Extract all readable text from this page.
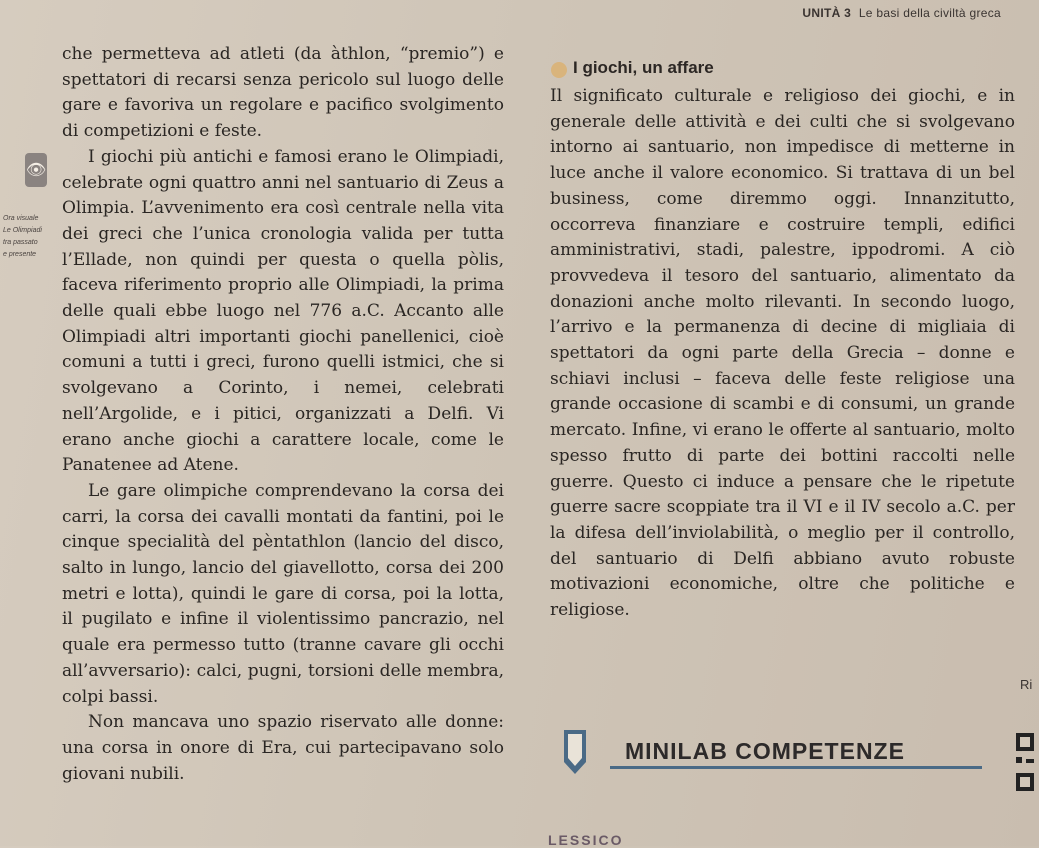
UNITÀ 3 Le basi della civiltà greca
👁
Ora visuale
Le Olimpiadi
tra passato
e presente

che permetteva ad atleti (da àthlon, “premio”) e spettatori di recarsi senza pericolo sul luogo delle gare e favoriva un regolare e pacifico svolgimento di competizioni e feste.

I giochi più antichi e famosi erano le Olimpiadi, celebrate ogni quattro anni nel santuario di Zeus a Olimpia. L’avvenimento era così centrale nella vita dei greci che l’unica cronologia valida per tutta l’Ellade, non quindi per questa o quella pòlis, faceva riferimento proprio alle Olimpiadi, la prima delle quali ebbe luogo nel 776 a.C. Accanto alle Olimpiadi altri importanti giochi panellenici, cioè comuni a tutti i greci, furono quelli istmici, che si svolgevano a Corinto, i nemei, celebrati nell’Argolide, e i pitici, organizzati a Delfi. Vi erano anche giochi a carattere locale, come le Panatenee ad Atene.

Le gare olimpiche comprendevano la corsa dei carri, la corsa dei cavalli montati da fantini, poi le cinque specialità del pèntathlon (lancio del disco, salto in lungo, lancio del giavellotto, corsa dei 200 metri e lotta), quindi le gare di corsa, poi la lotta, il pugilato e infine il violentissimo pancrazio, nel quale era permesso tutto (tranne cavare gli occhi all’avversario): calci, pugni, torsioni delle membra, colpi bassi.

Non mancava uno spazio riservato alle donne: una corsa in onore di Era, cui partecipavano solo giovani nubili.

I giochi, un affare

Il significato culturale e religioso dei giochi, e in generale delle attività e dei culti che si svolgevano intorno ai santuario, non impedisce di metterne in luce anche il valore economico. Si trattava di un bel business, come diremmo oggi. Innanzitutto, occorreva finanziare e costruire templi, edifici amministrativi, stadi, palestre, ippodromi. A ciò provvedeva il tesoro del santuario, alimentato da donazioni anche molto rilevanti. In secondo luogo, l’arrivo e la permanenza di decine di migliaia di spettatori da ogni parte della Grecia – donne e schiavi inclusi – faceva delle feste religiose una grande occasione di scambi e di consumi, un grande mercato. Infine, vi erano le offerte al santuario, molto spesso frutto di parte dei bottini raccolti nelle guerre. Questo ci induce a pensare che le ripetute guerre sacre scoppiate tra il VI e il IV secolo a.C. per la difesa dell’inviolabilità, o meglio per il controllo, del santuario di Delfi abbiano avuto robuste motivazioni economiche, oltre che politiche e religiose.

Ri
MINILAB COMPETENZE
LESSICO
